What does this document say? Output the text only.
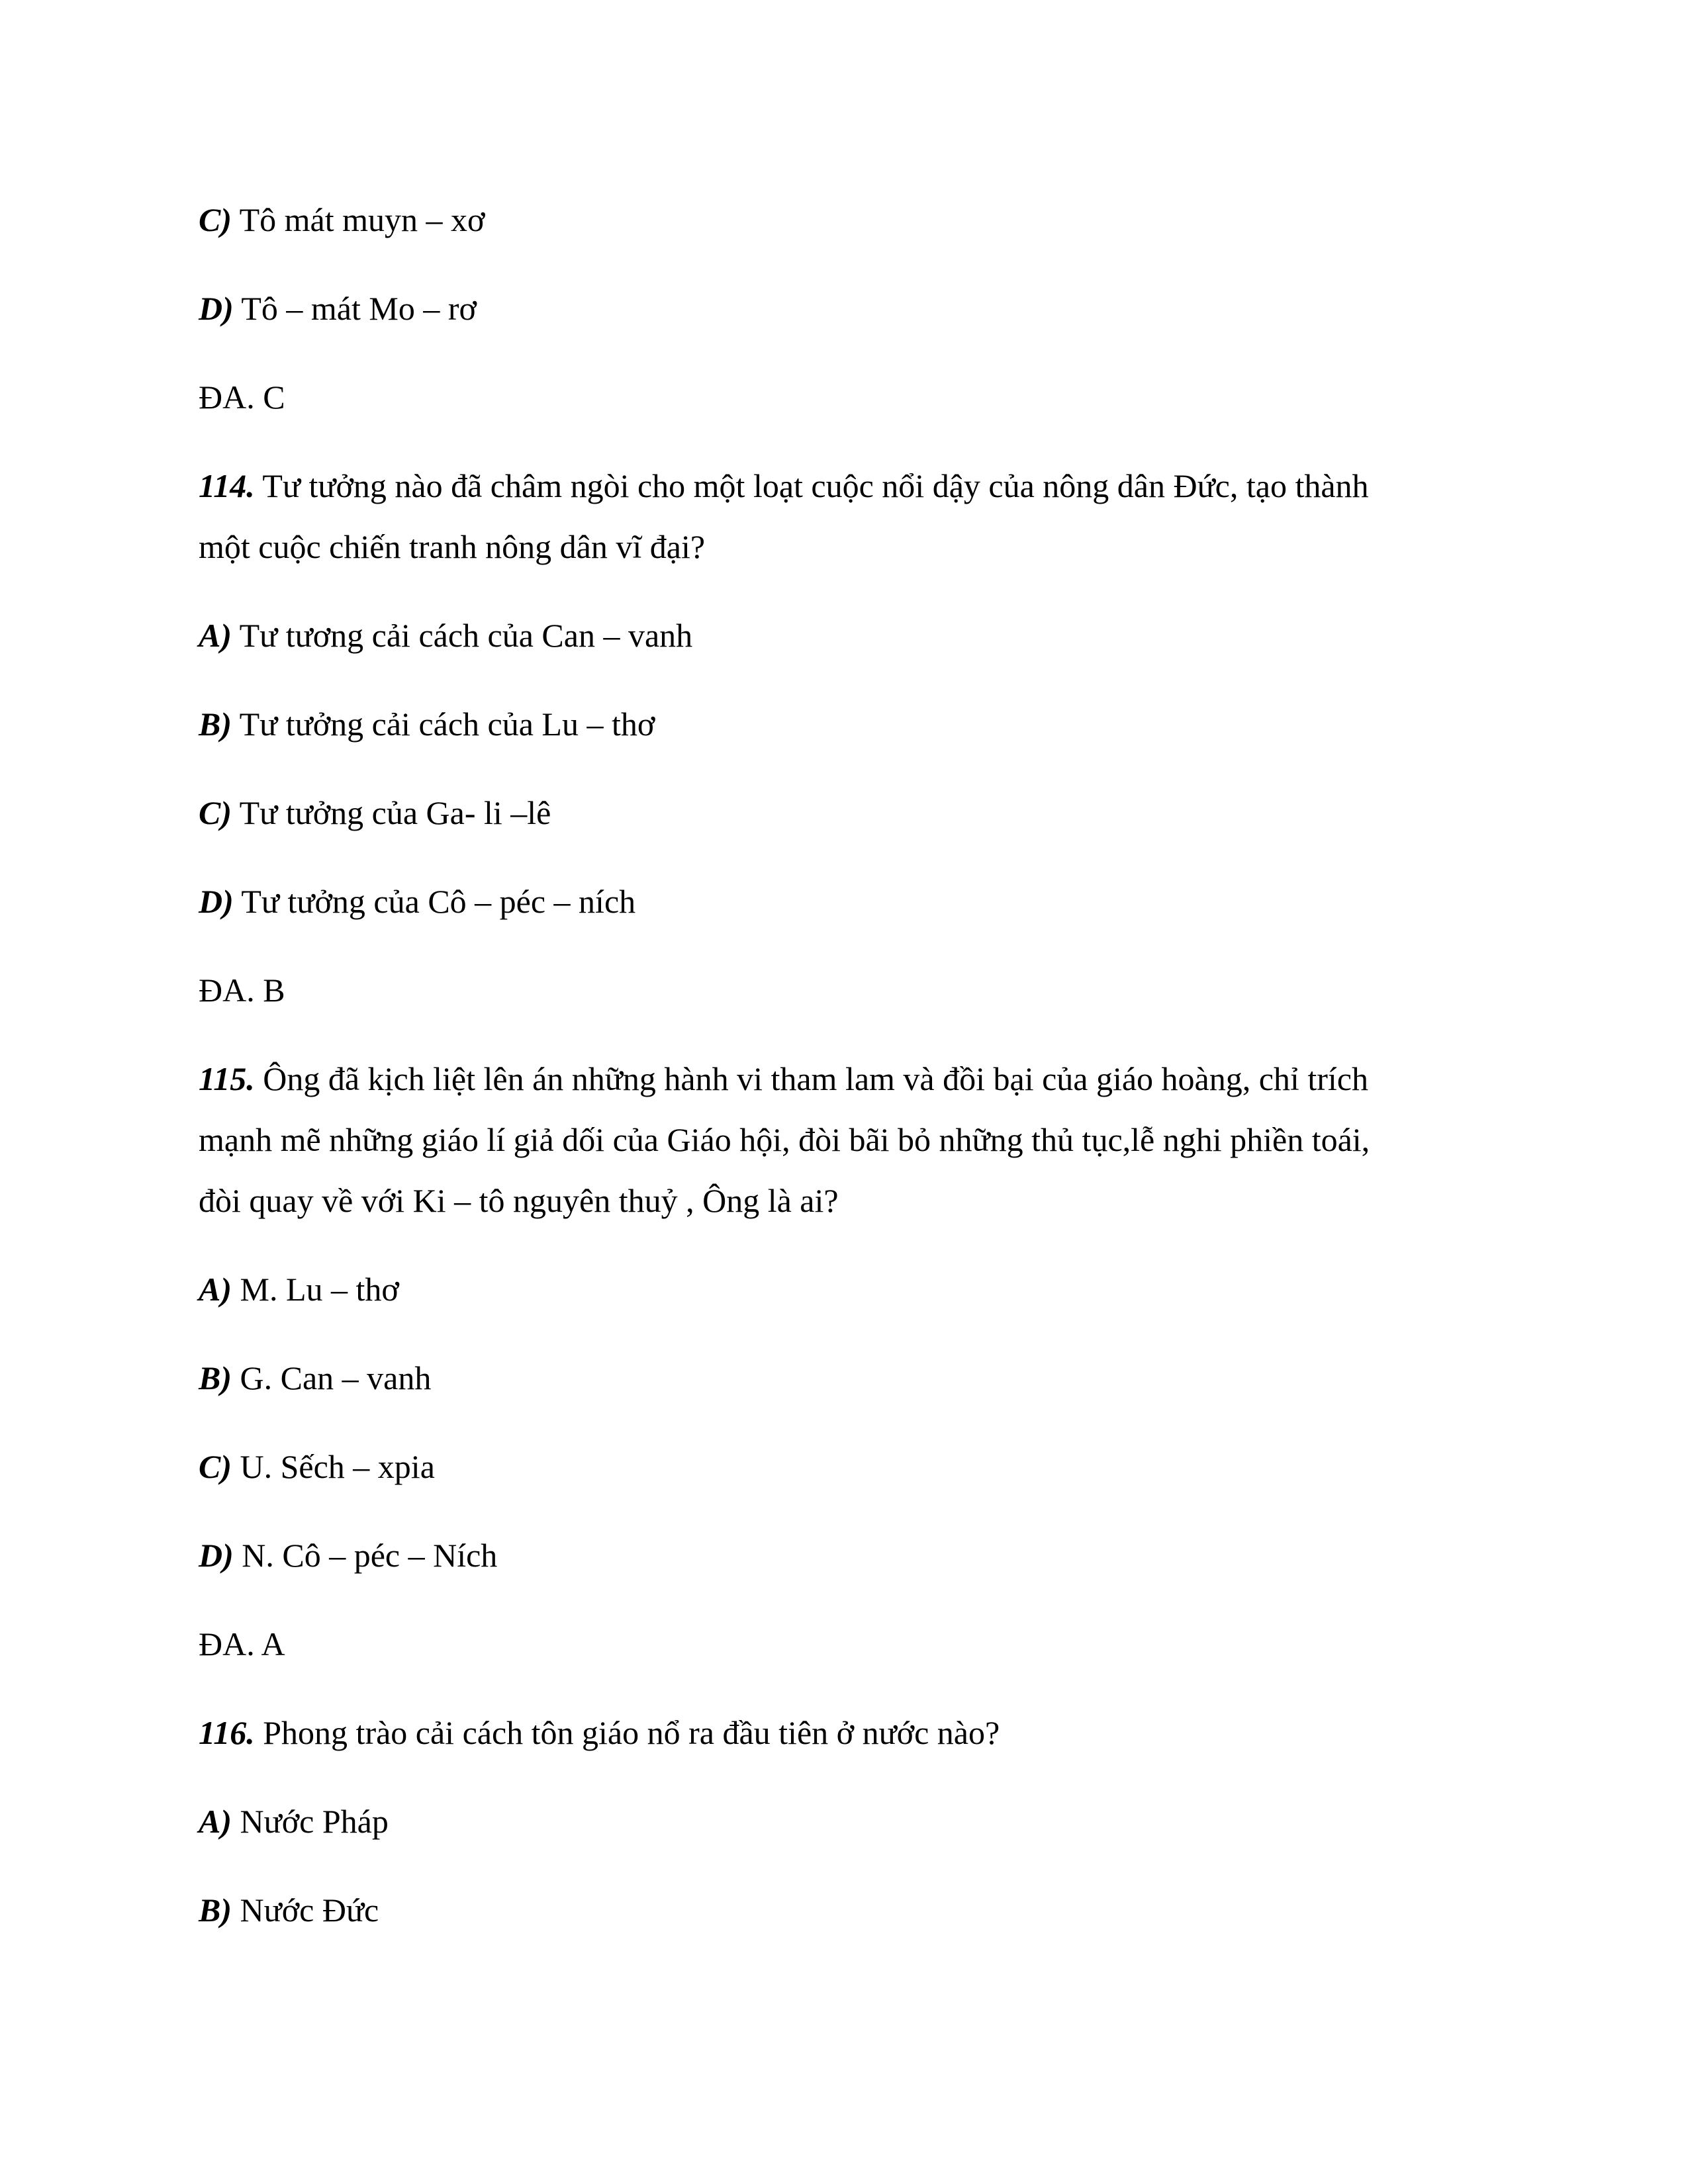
C) Tô mát muyn – xơ
D) Tô – mát Mo – rơ
ĐA. C
114. Tư tưởng nào đã châm ngòi cho một loạt cuộc nổi dậy của nông dân Đức, tạo thành
một cuộc chiến tranh nông dân vĩ đại?
A) Tư tương cải cách của Can – vanh
B) Tư tưởng cải cách của Lu – thơ
C) Tư tưởng của Ga- li –lê
D) Tư tưởng của Cô – péc – ních
ĐA. B
115. Ông đã kịch liệt lên án những hành vi tham lam và đồi bại của giáo hoàng, chỉ trích
mạnh mẽ những giáo lí giả dối của Giáo hội, đòi bãi bỏ những thủ tục,lễ nghi phiền toái,
đòi quay về với Ki – tô nguyên thuỷ , Ông là ai?
A) M. Lu – thơ
B) G. Can – vanh
C) U. Sếch – xpia
D) N. Cô – péc – Ních
ĐA. A
116. Phong trào cải cách tôn giáo nổ ra đầu tiên ở nước nào?
A) Nước Pháp
B) Nước Đức
